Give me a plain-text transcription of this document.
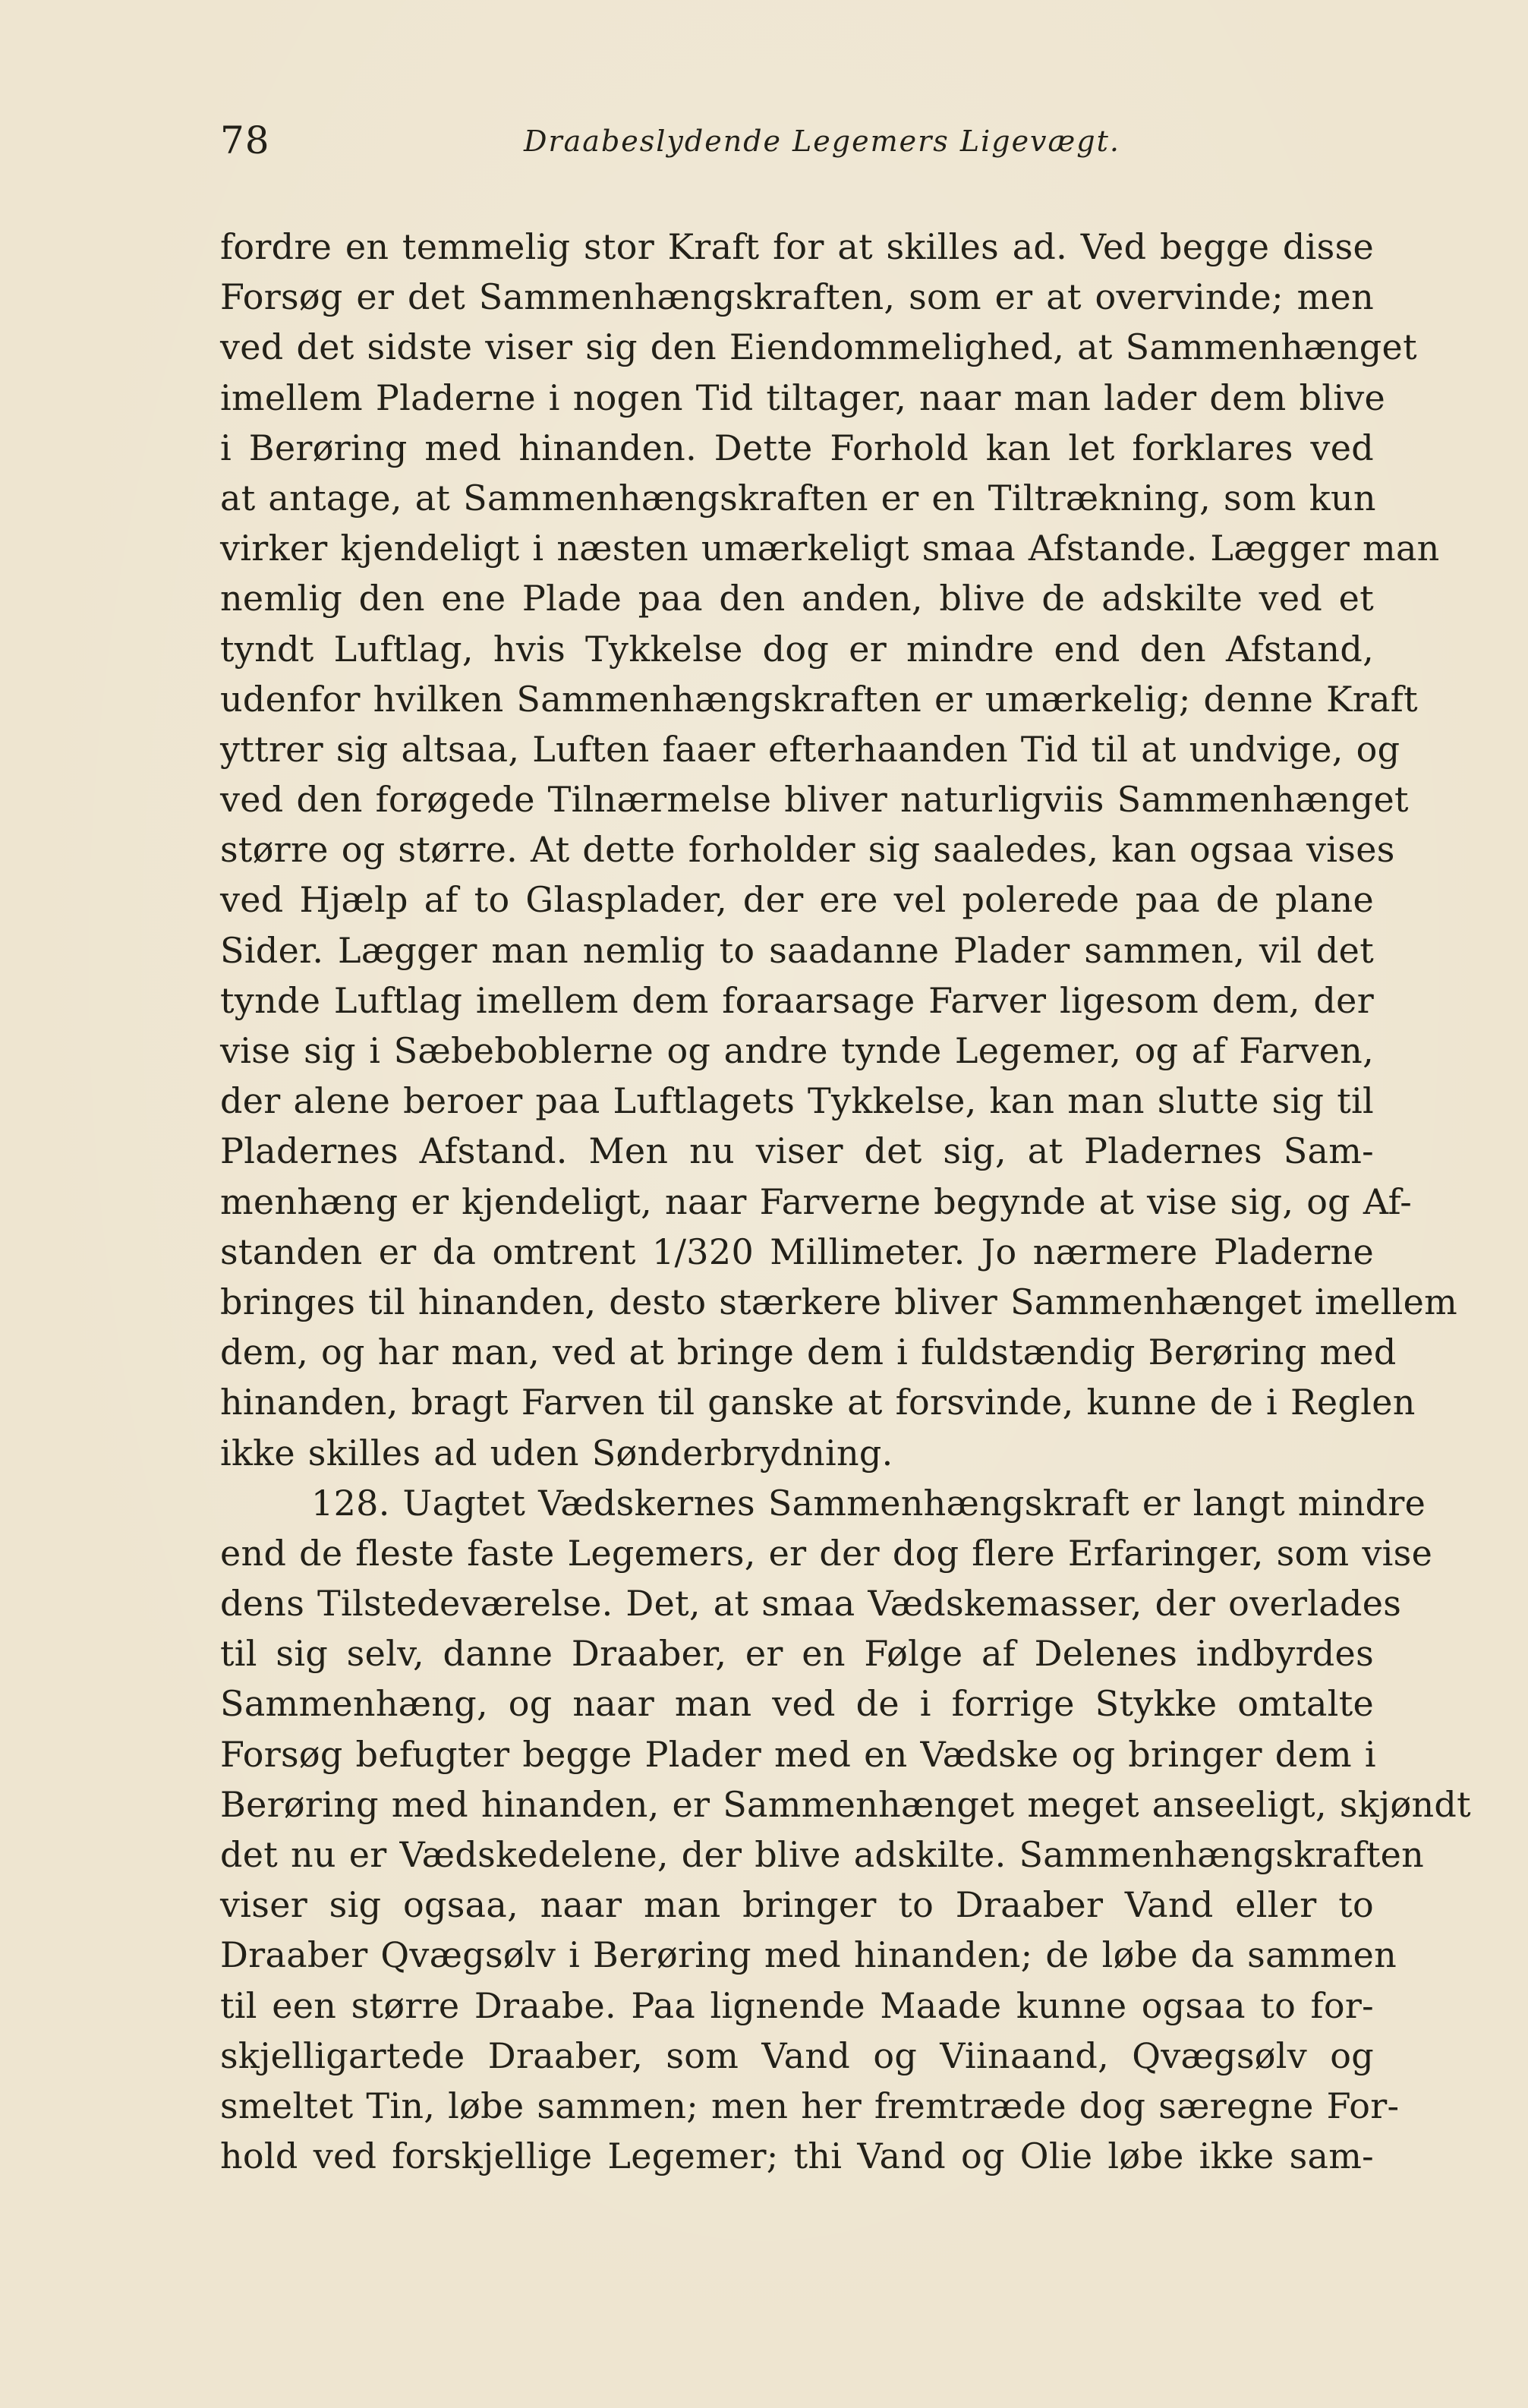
78	Draabeslydende Legemers Ligevægt.
fordre en temmelig stor Kraft for at skilles ad. Ved begge disse
Forsøg er det Sammenhængskraften, som er at overvinde; men
ved det sidste viser sig den Eiendommelighed, at Sammenhænget
imellem Pladerne i nogen Tid tiltager, naar man lader dem blive
i Berøring med hinanden. Dette Forhold kan let forklares ved
at antage, at Sammenhængskraften er en Tiltrækning, som kun
virker kjendeligt i næsten umærkeligt smaa Afstande. Lægger man
nemlig den ene Plade paa den anden, blive de adskilte ved et
tyndt Luftlag, hvis Tykkelse dog er mindre end den Afstand,
udenfor hvilken Sammenhængskraften er umærkelig; denne Kraft
yttrer sig altsaa, Luften faaer efterhaanden Tid til at undvige, og
ved den forøgede Tilnærmelse bliver naturligviis Sammenhænget
større og større. At dette forholder sig saaledes, kan ogsaa vises
ved Hjælp af to Glasplader, der ere vel polerede paa de plane
Sider. Lægger man nemlig to saadanne Plader sammen, vil det
tynde Luftlag imellem dem foraarsage Farver ligesom dem, der
vise sig i Sæbeboblerne og andre tynde Legemer, og af Farven,
der alene beroer paa Luftlagets Tykkelse, kan man slutte sig til
Pladernes Afstand. Men nu viser det sig, at Pladernes Sam-
menhæng er kjendeligt, naar Farverne begynde at vise sig, og Af-
standen er da omtrent 1/320 Millimeter. Jo nærmere Pladerne
bringes til hinanden, desto stærkere bliver Sammenhænget imellem
dem, og har man, ved at bringe dem i fuldstændig Berøring med
hinanden, bragt Farven til ganske at forsvinde, kunne de i Reglen
ikke skilles ad uden Sønderbrydning.
128. Uagtet Vædskernes Sammenhængskraft er langt mindre
end de fleste faste Legemers, er der dog flere Erfaringer, som vise
dens Tilstedeværelse. Det, at smaa Vædskemasser, der overlades
til sig selv, danne Draaber, er en Følge af Delenes indbyrdes
Sammenhæng, og naar man ved de i forrige Stykke omtalte
Forsøg befugter begge Plader med en Vædske og bringer dem i
Berøring med hinanden, er Sammenhænget meget anseeligt, skjøndt
det nu er Vædskedelene, der blive adskilte. Sammenhængskraften
viser sig ogsaa, naar man bringer to Draaber Vand eller to
Draaber Qvægsølv i Berøring med hinanden; de løbe da sammen
til een større Draabe. Paa lignende Maade kunne ogsaa to for-
skjelligartede Draaber, som Vand og Viinaand, Qvægsølv og
smeltet Tin, løbe sammen; men her fremtræde dog særegne For-
hold ved forskjellige Legemer; thi Vand og Olie løbe ikke sam-
